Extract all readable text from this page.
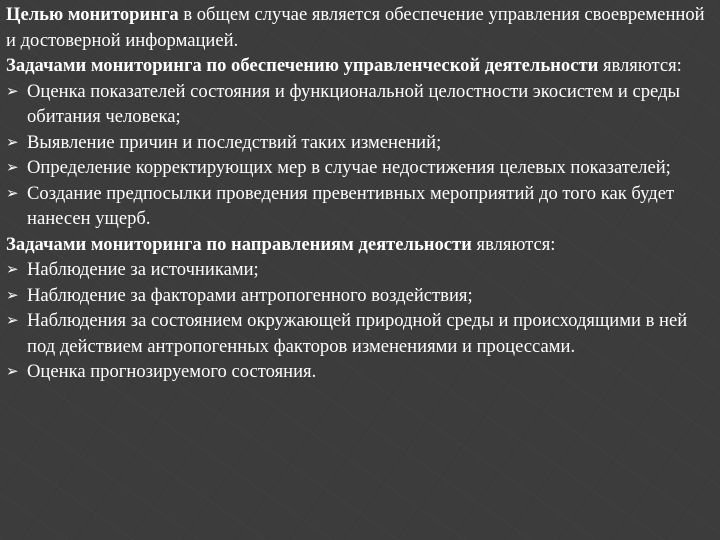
Целью мониторинга в общем случае является обеспечение управления своевременной и достоверной информацией.

Задачами мониторинга по обеспечению управленческой деятельности являются:

➢ Оценка показателей состояния и функциональной целостности экосистем и среды обитания человека;
➢ Выявление причин и последствий таких изменений;
➢ Определение корректирующих мер в случае недостижения целевых показателей;
➢ Создание предпосылки проведения превентивных мероприятий до того как будет нанесен ущерб.

Задачами мониторинга по направлениям деятельности являются:

➢ Наблюдение за источниками;
➢ Наблюдение за факторами антропогенного воздействия;
➢ Наблюдения за состоянием окружающей природной среды и происходящими в ней под действием антропогенных факторов изменениями и процессами.
➢ Оценка прогнозируемого состояния.
